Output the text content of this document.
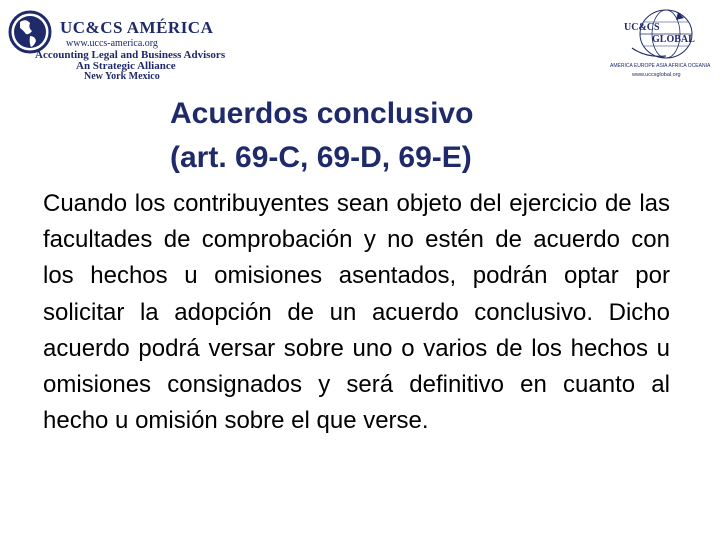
UC&CS AMÉRICA
www.uccs-america.org
Accounting Legal and Business Advisors
An Strategic Alliance
New York Mexico
UC&CS
GLOBAL
AMÉRICA EUROPE ASIA AFRICA OCEANIA
www.uccsglobal.org
Acuerdos conclusivo
(art. 69-C, 69-D, 69-E)
Cuando los contribuyentes sean objeto del ejercicio de las facultades de comprobación y no estén de acuerdo con los hechos u omisiones asentados, podrán optar por solicitar la adopción de un acuerdo conclusivo. Dicho acuerdo podrá versar sobre uno o varios de los hechos u omisiones consignados y será definitivo en cuanto al hecho u omisión sobre el que verse.
